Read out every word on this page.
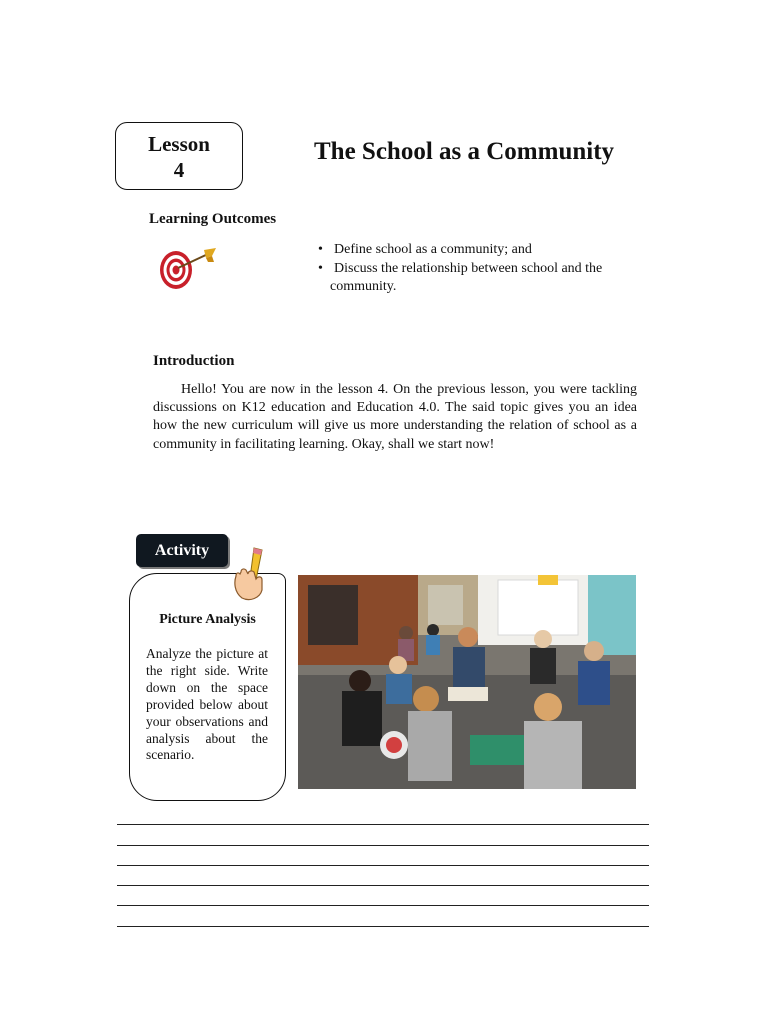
Lesson
4
The School as a Community
Learning Outcomes
• Define school as a community; and
• Discuss the relationship between school and the
community.
Introduction

Hello! You are now in the lesson 4. On the previous lesson, you were tackling discussions on K12 education and Education 4.0. The said topic gives you an idea how the new curriculum will give us more understanding the relation of school as a community in facilitating learning. Okay, shall we start now!

Activity
Picture Analysis

Analyze the picture at the right side. Write down on the space provided below about your observations and analysis about the scenario.
